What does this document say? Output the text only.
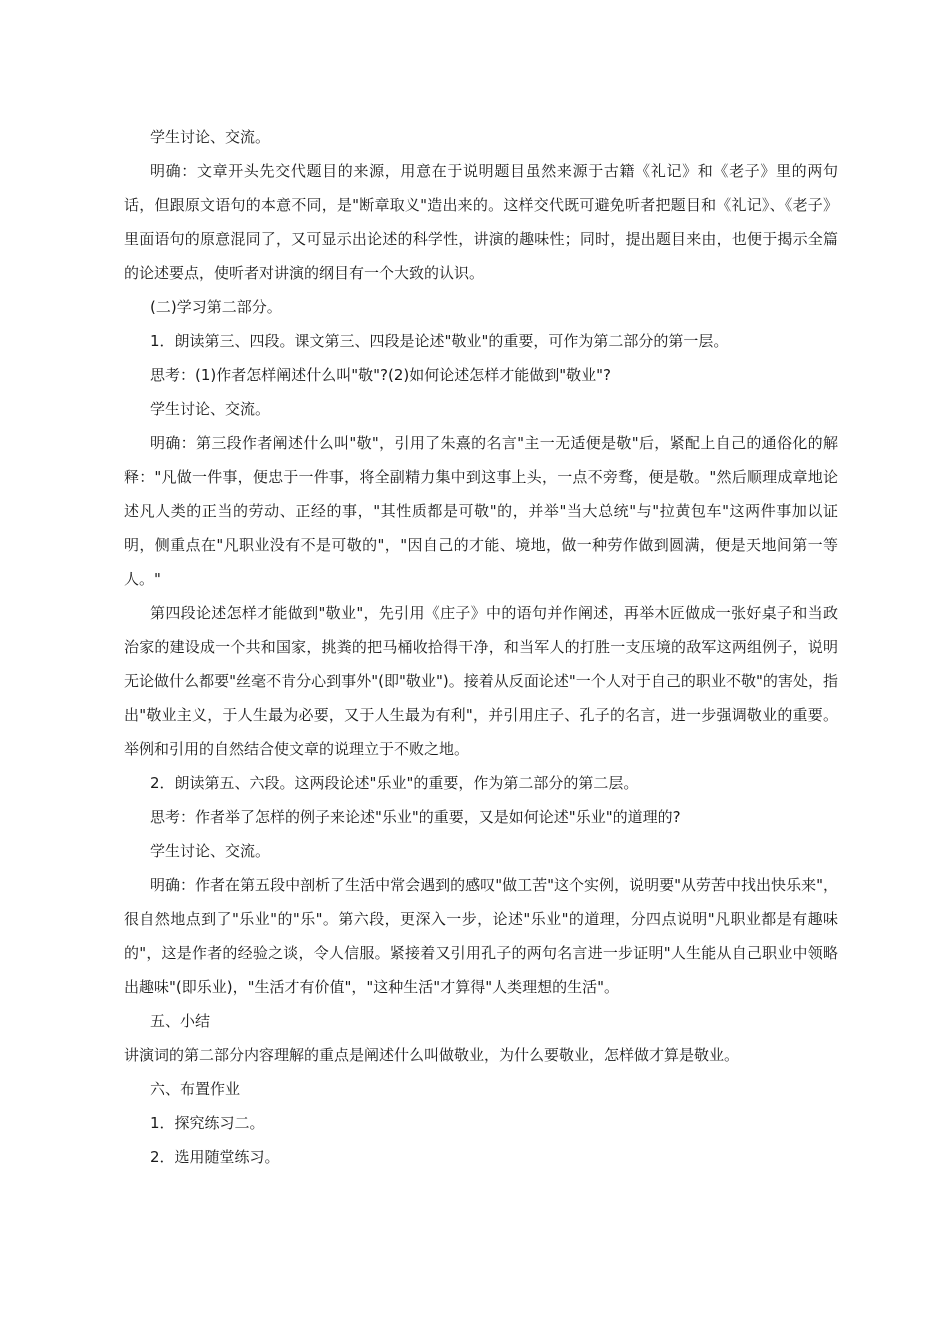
学生讨论、交流。

明确：文章开头先交代题目的来源，用意在于说明题目虽然来源于古籍《礼记》和《老子》里的两句话，但跟原文语句的本意不同，是"断章取义"造出来的。这样交代既可避免听者把题目和《礼记》、《老子》里面语句的原意混同了，又可显示出论述的科学性，讲演的趣味性；同时，提出题目来由，也便于揭示全篇的论述要点，使听者对讲演的纲目有一个大致的认识。

(二)学习第二部分。

1．朗读第三、四段。课文第三、四段是论述"敬业"的重要，可作为第二部分的第一层。

思考：(1)作者怎样阐述什么叫"敬"?(2)如何论述怎样才能做到"敬业"?

学生讨论、交流。

明确：第三段作者阐述什么叫"敬"，引用了朱熹的名言"主一无适便是敬"后，紧配上自己的通俗化的解释："凡做一件事，便忠于一件事，将全副精力集中到这事上头，一点不旁骛，便是敬。"然后顺理成章地论述凡人类的正当的劳动、正经的事，"其性质都是可敬"的，并举"当大总统"与"拉黄包车"这两件事加以证明，侧重点在"凡职业没有不是可敬的"，"因自己的才能、境地，做一种劳作做到圆满，便是天地间第一等人。"

第四段论述怎样才能做到"敬业"，先引用《庄子》中的语句并作阐述，再举木匠做成一张好桌子和当政治家的建设成一个共和国家，挑粪的把马桶收拾得干净，和当军人的打胜一支压境的敌军这两组例子，说明无论做什么都要"丝毫不肯分心到事外"(即"敬业")。接着从反面论述"一个人对于自己的职业不敬"的害处，指出"敬业主义，于人生最为必要，又于人生最为有利"，并引用庄子、孔子的名言，进一步强调敬业的重要。举例和引用的自然结合使文章的说理立于不败之地。

2．朗读第五、六段。这两段论述"乐业"的重要，作为第二部分的第二层。

思考：作者举了怎样的例子来论述"乐业"的重要，又是如何论述"乐业"的道理的?

学生讨论、交流。

明确：作者在第五段中剖析了生活中常会遇到的感叹"做工苦"这个实例，说明要"从劳苦中找出快乐来"，很自然地点到了"乐业"的"乐"。第六段，更深入一步，论述"乐业"的道理，分四点说明"凡职业都是有趣味的"，这是作者的经验之谈，令人信服。紧接着又引用孔子的两句名言进一步证明"人生能从自己职业中领略出趣味"(即乐业)，"生活才有价值"，"这种生活"才算得"人类理想的生活"。

五、小结

讲演词的第二部分内容理解的重点是阐述什么叫做敬业，为什么要敬业，怎样做才算是敬业。

六、布置作业

1．探究练习二。

2．选用随堂练习。
